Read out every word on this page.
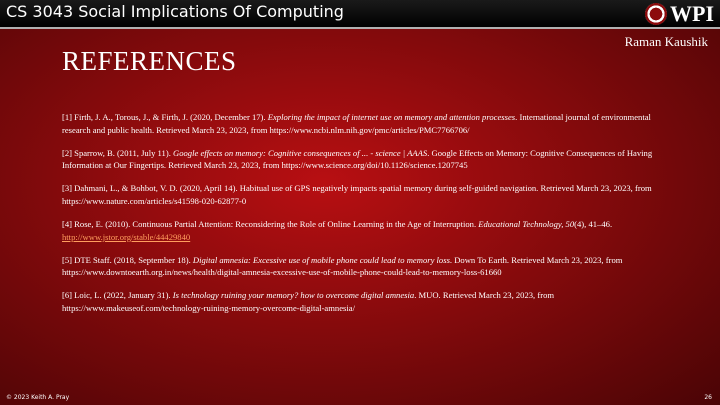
CS 3043 Social Implications Of Computing	WPI
Raman Kaushik
REFERENCES

[1] Firth, J. A., Torous, J., & Firth, J. (2020, December 17). Exploring the impact of internet use on memory and attention processes. International journal of environmental research and public health. Retrieved March 23, 2023, from https://www.ncbi.nlm.nih.gov/pmc/articles/PMC7766706/

[2] Sparrow, B. (2011, July 11). Google effects on memory: Cognitive consequences of ... - science | AAAS. Google Effects on Memory: Cognitive Consequences of Having Information at Our Fingertips. Retrieved March 23, 2023, from https://www.science.org/doi/10.1126/science.1207745

[3] Dahmani, L., & Bohbot, V. D. (2020, April 14). Habitual use of GPS negatively impacts spatial memory during self-guided navigation. Retrieved March 23, 2023, from https://www.nature.com/articles/s41598-020-62877-0

[4] Rose, E. (2010). Continuous Partial Attention: Reconsidering the Role of Online Learning in the Age of Interruption. Educational Technology, 50(4), 41–46. http://www.jstor.org/stable/44429840

[5] DTE Staff. (2018, September 18). Digital amnesia: Excessive use of mobile phone could lead to memory loss. Down To Earth. Retrieved March 23, 2023, from https://www.downtoearth.org.in/news/health/digital-amnesia-excessive-use-of-mobile-phone-could-lead-to-memory-loss-61660

[6] Loic, L. (2022, January 31). Is technology ruining your memory? how to overcome digital amnesia. MUO. Retrieved March 23, 2023, from https://www.makeuseof.com/technology-ruining-memory-overcome-digital-amnesia/

© 2023 Keith A. Pray	26
